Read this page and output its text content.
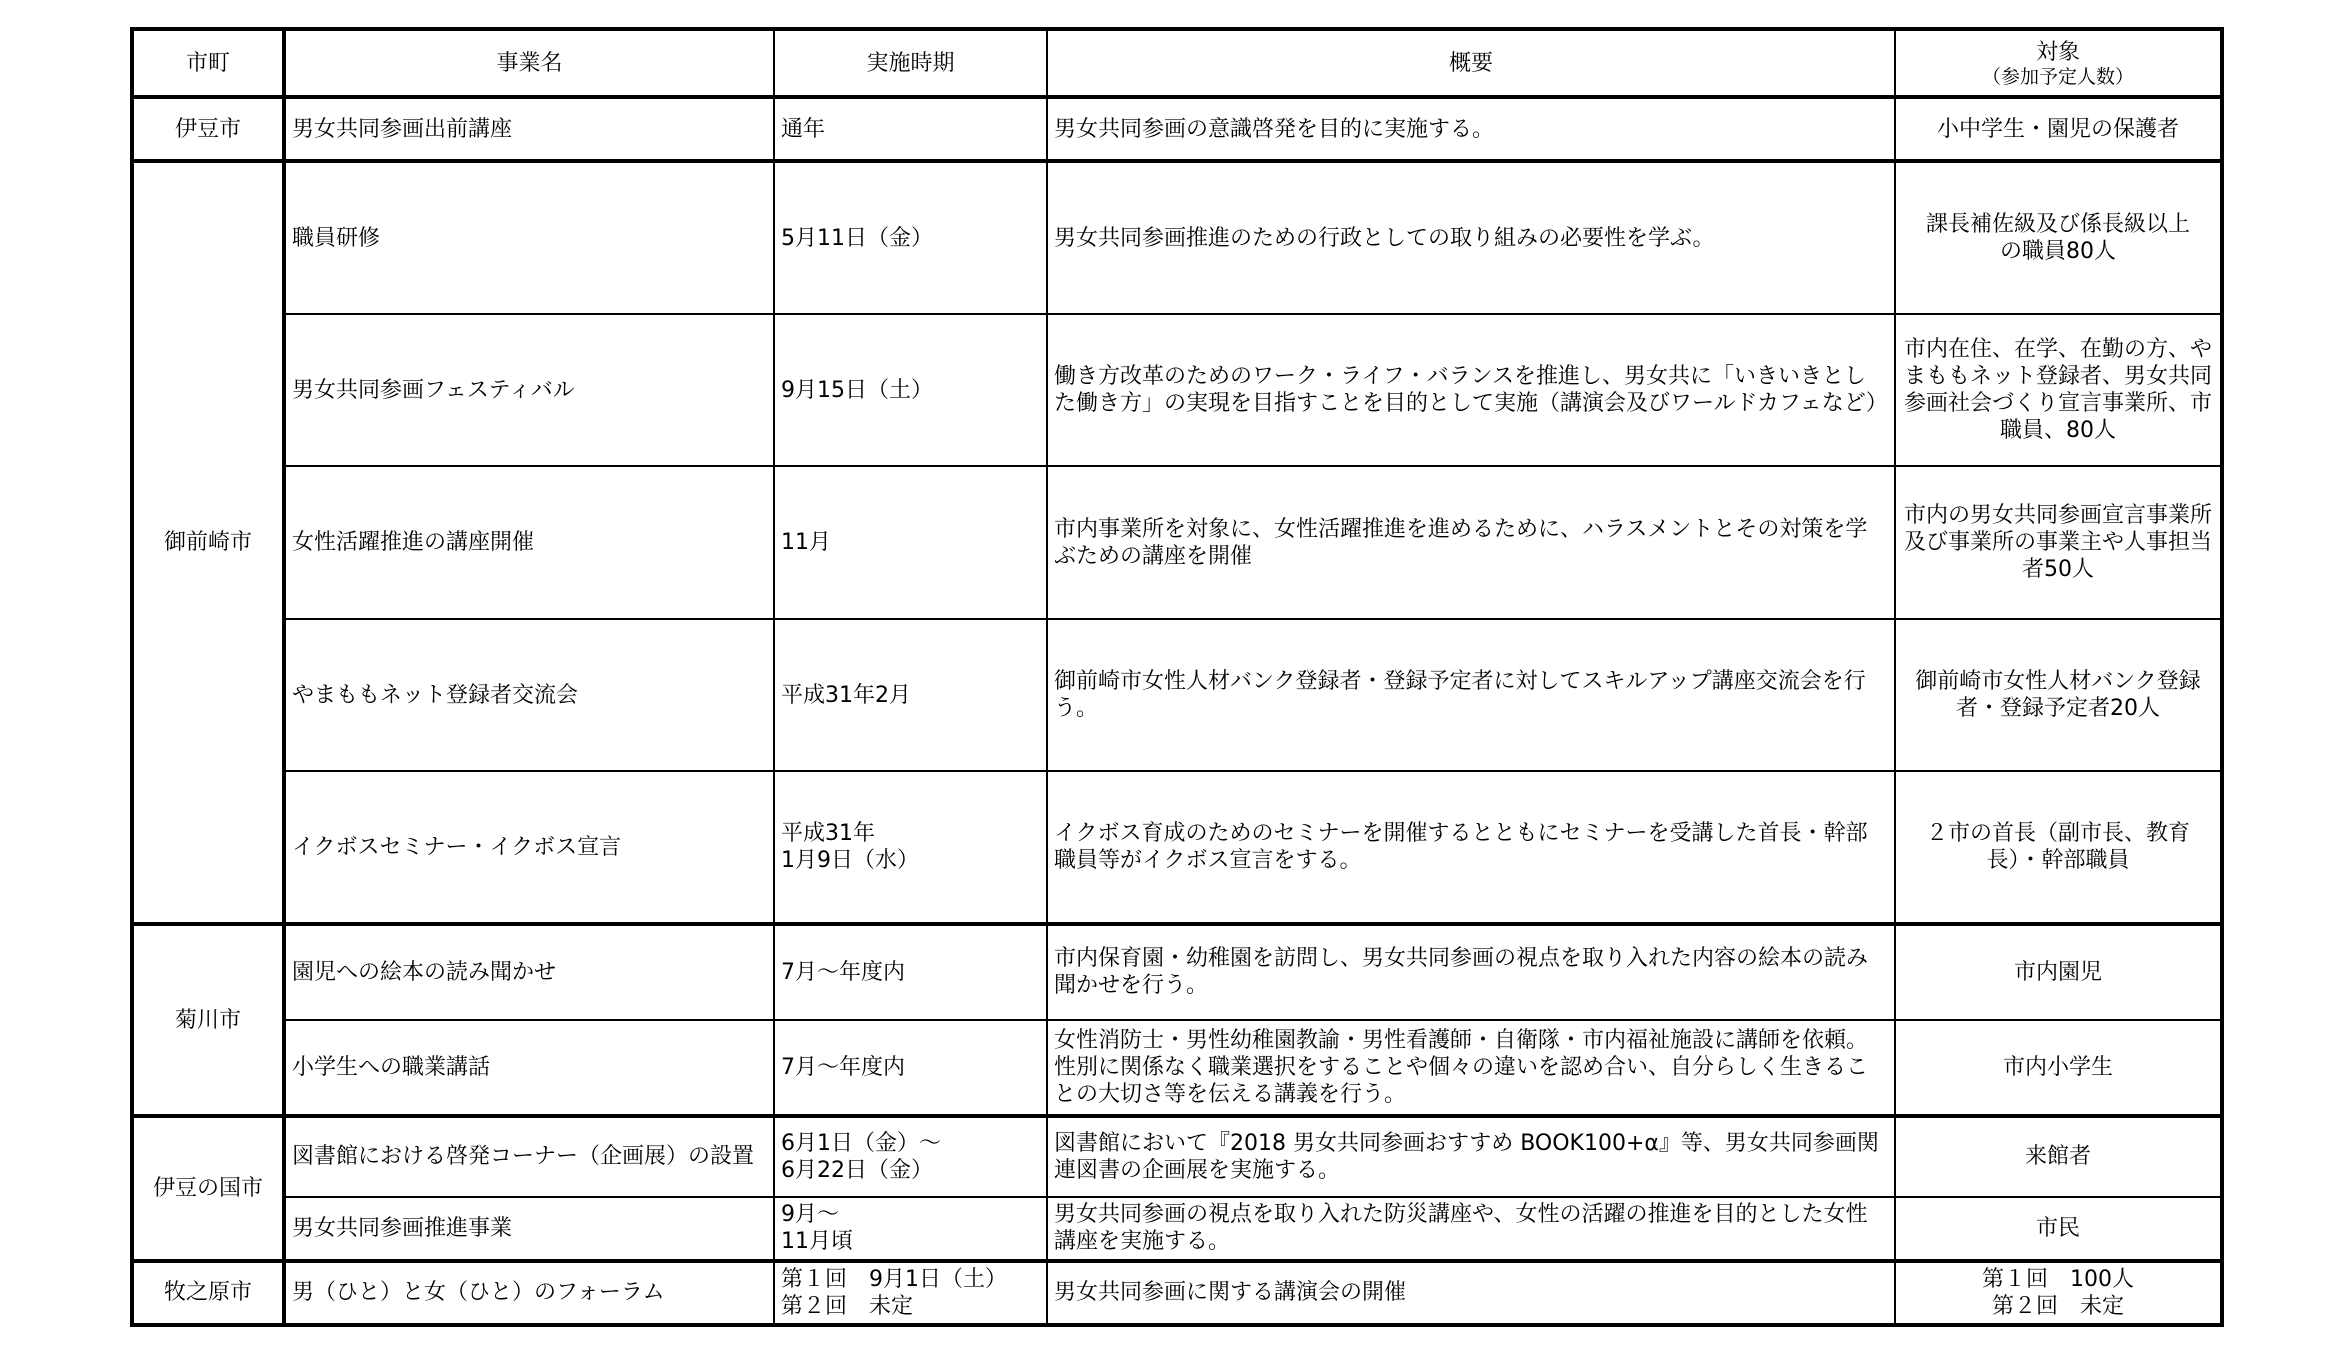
市町	事業名	実施時期	概要	対象
（参加予定人数）

伊豆市	男女共同参画出前講座	通年	男女共同参画の意識啓発を目的に実施する。	小中学生・園児の保護者
御前崎市	職員研修	5月11日（金）	男女共同参画推進のための行政としての取り組みの必要性を学ぶ。	課長補佐級及び係長級以上
の職員80人
	男女共同参画フェスティバル	9月15日（土）	働き方改革のためのワーク・ライフ・バランスを推進し、男女共に「いきいきとした働き方」の実現を目指すことを目的として実施（講演会及びワールドカフェなど）	市内在住、在学、在勤の方、やまももネット登録者、男女共同参画社会づくり宣言事業所、市職員、80人
	女性活躍推進の講座開催	11月	市内事業所を対象に、女性活躍推進を進めるために、ハラスメントとその対策を学ぶための講座を開催	市内の男女共同参画宣言事業所及び事業所の事業主や人事担当者50人
	やまももネット登録者交流会	平成31年2月	御前崎市女性人材バンク登録者・登録予定者に対してスキルアップ講座交流会を行う。	御前崎市女性人材バンク登録者・登録予定者20人
	イクボスセミナー・イクボス宣言	平成31年
1月9日（水）	イクボス育成のためのセミナーを開催するとともにセミナーを受講した首長・幹部職員等がイクボス宣言をする。	２市の首長（副市長、教育長）・幹部職員
菊川市	園児への絵本の読み聞かせ	7月～年度内	市内保育園・幼稚園を訪問し、男女共同参画の視点を取り入れた内容の絵本の読み聞かせを行う。	市内園児
	小学生への職業講話	7月～年度内	女性消防士・男性幼稚園教諭・男性看護師・自衛隊・市内福祉施設に講師を依頼。性別に関係なく職業選択をすることや個々の違いを認め合い、自分らしく生きることの大切さ等を伝える講義を行う。	市内小学生
伊豆の国市	図書館における啓発コーナー（企画展）の設置	6月1日（金）～
6月22日（金）	図書館において『2018 男女共同参画おすすめ BOOK100+α』等、男女共同参画関連図書の企画展を実施する。	来館者
	男女共同参画推進事業	9月～
11月頃	男女共同参画の視点を取り入れた防災講座や、女性の活躍の推進を目的とした女性講座を実施する。	市民
牧之原市	男（ひと）と女（ひと）のフォーラム	第１回　9月1日（土）
第２回　未定	男女共同参画に関する講演会の開催	第１回　100人
第２回　未定
